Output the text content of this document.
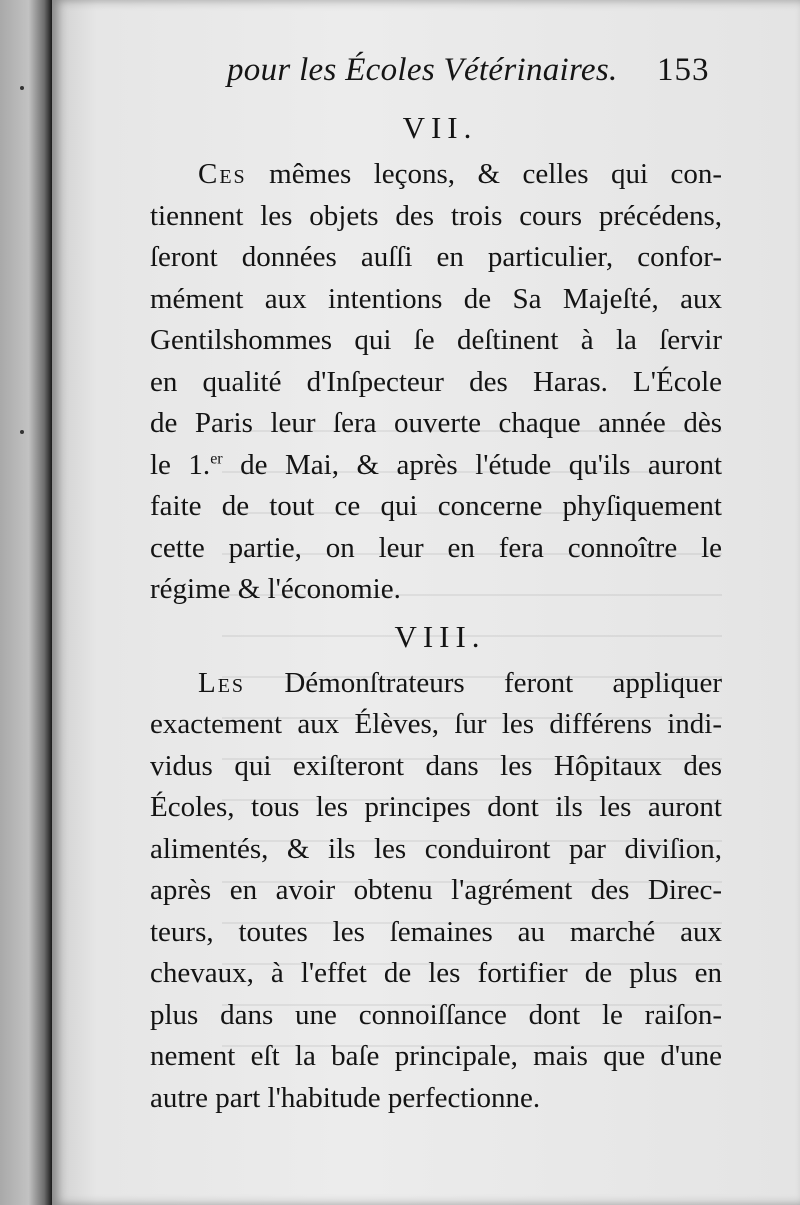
pour les Écoles Vétérinaires. 153
VII.
Ces mêmes leçons, & celles qui con-
tiennent les objets des trois cours précédens,
ſeront données auſſi en particulier, confor-
mément aux intentions de Sa Majeſté, aux
Gentilshommes qui ſe deſtinent à la ſervir
en qualité d'Inſpecteur des Haras. L'École
de Paris leur ſera ouverte chaque année dès
le 1.$^{er}$ de Mai, & après l'étude qu'ils auront
faite de tout ce qui concerne phyſiquement
cette partie, on leur en fera connoître le
régime & l'économie.
VIII.
Les Démonſtrateurs feront appliquer
exactement aux Élèves, ſur les différens indi-
vidus qui exiſteront dans les Hôpitaux des
Écoles, tous les principes dont ils les auront
alimentés, & ils les conduiront par diviſion,
après en avoir obtenu l'agrément des Direc-
teurs, toutes les ſemaines au marché aux
chevaux, à l'effet de les fortifier de plus en
plus dans une connoiſſance dont le raiſon-
nement eſt la baſe principale, mais que d'une
autre part l'habitude perfectionne.
